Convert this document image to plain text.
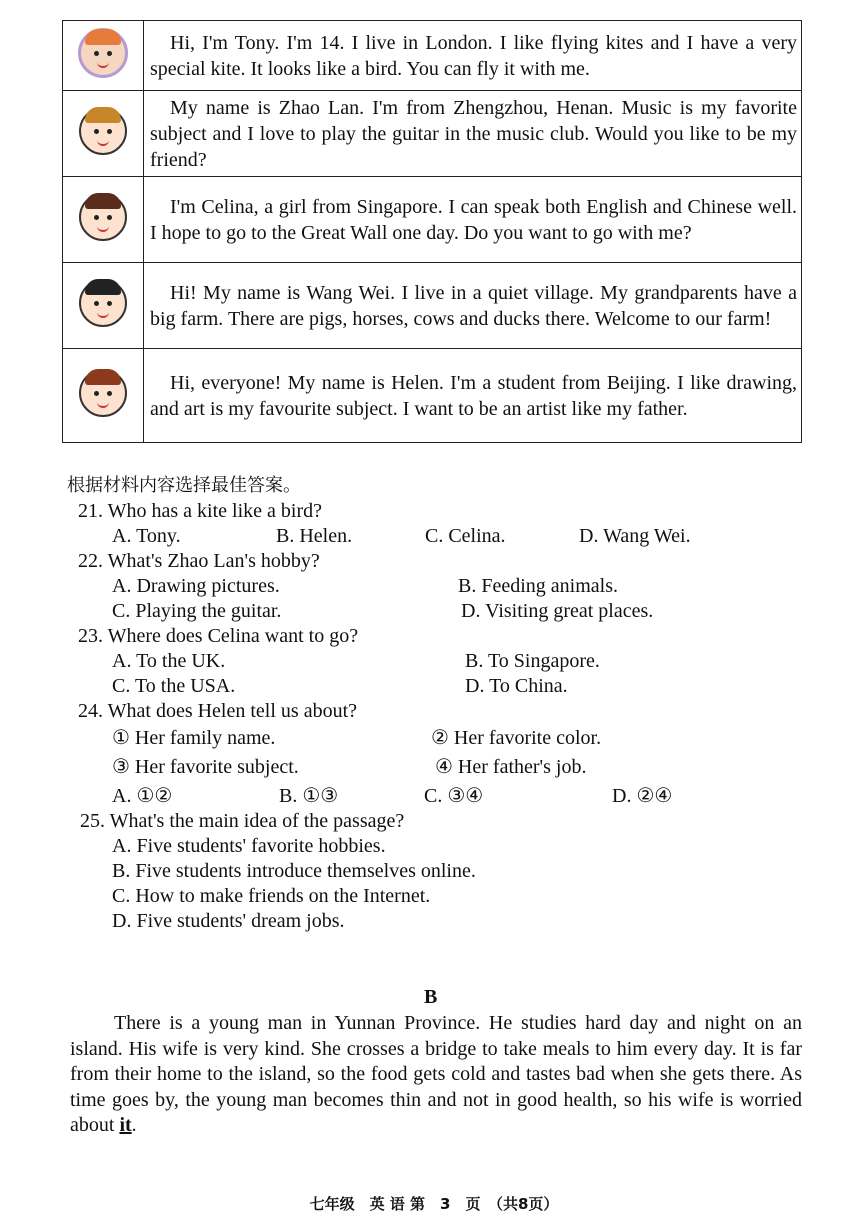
	Hi, I'm Tony. I'm 14. I live in London. I like flying kites and I have a very special kite. It looks like a bird. You can fly it with me.

	My name is Zhao Lan. I'm from Zhengzhou, Henan. Music is my favorite subject and I love to play the guitar in the music club. Would you like to be my friend?

	I'm Celina, a girl from Singapore. I can speak both English and Chinese well. I hope to go to the Great Wall one day. Do you want to go with me?

	Hi! My name is Wang Wei. I live in a quiet village. My grandparents have a big farm. There are pigs, horses, cows and ducks there. Welcome to our farm!

	Hi, everyone! My name is Helen. I'm a student from Beijing. I like drawing, and art is my favourite subject. I want to be an artist like my father.
根据材料内容选择最佳答案。
21. Who has a kite like a bird?
A. Tony.	B. Helen.	C. Celina.	D. Wang Wei.
22. What's Zhao Lan's hobby?
A. Drawing pictures.	B. Feeding animals.
C. Playing the guitar.	D. Visiting great places.
23. Where does Celina want to go?
A. To the UK.	B. To Singapore.
C. To the USA.	D. To China.
24. What does Helen tell us about?
① Her family name.	② Her favorite color.
③ Her favorite subject.	④ Her father's job.
A. ①②	B. ①③	C. ③④	D. ②④
25. What's the main idea of the passage?
A. Five students' favorite hobbies.
B. Five students introduce themselves online.
C. How to make friends on the Internet.
D. Five students' dream jobs.
B

There is a young man in Yunnan Province. He studies hard day and night on an island. His wife is very kind. She crosses a bridge to take meals to him every day. It is far from their home to the island, so the food gets cold and tastes bad when she gets there. As time goes by, the young man becomes thin and not in good health, so his wife is worried about it.

七年级　英 语 第　3　页　（共8页）
